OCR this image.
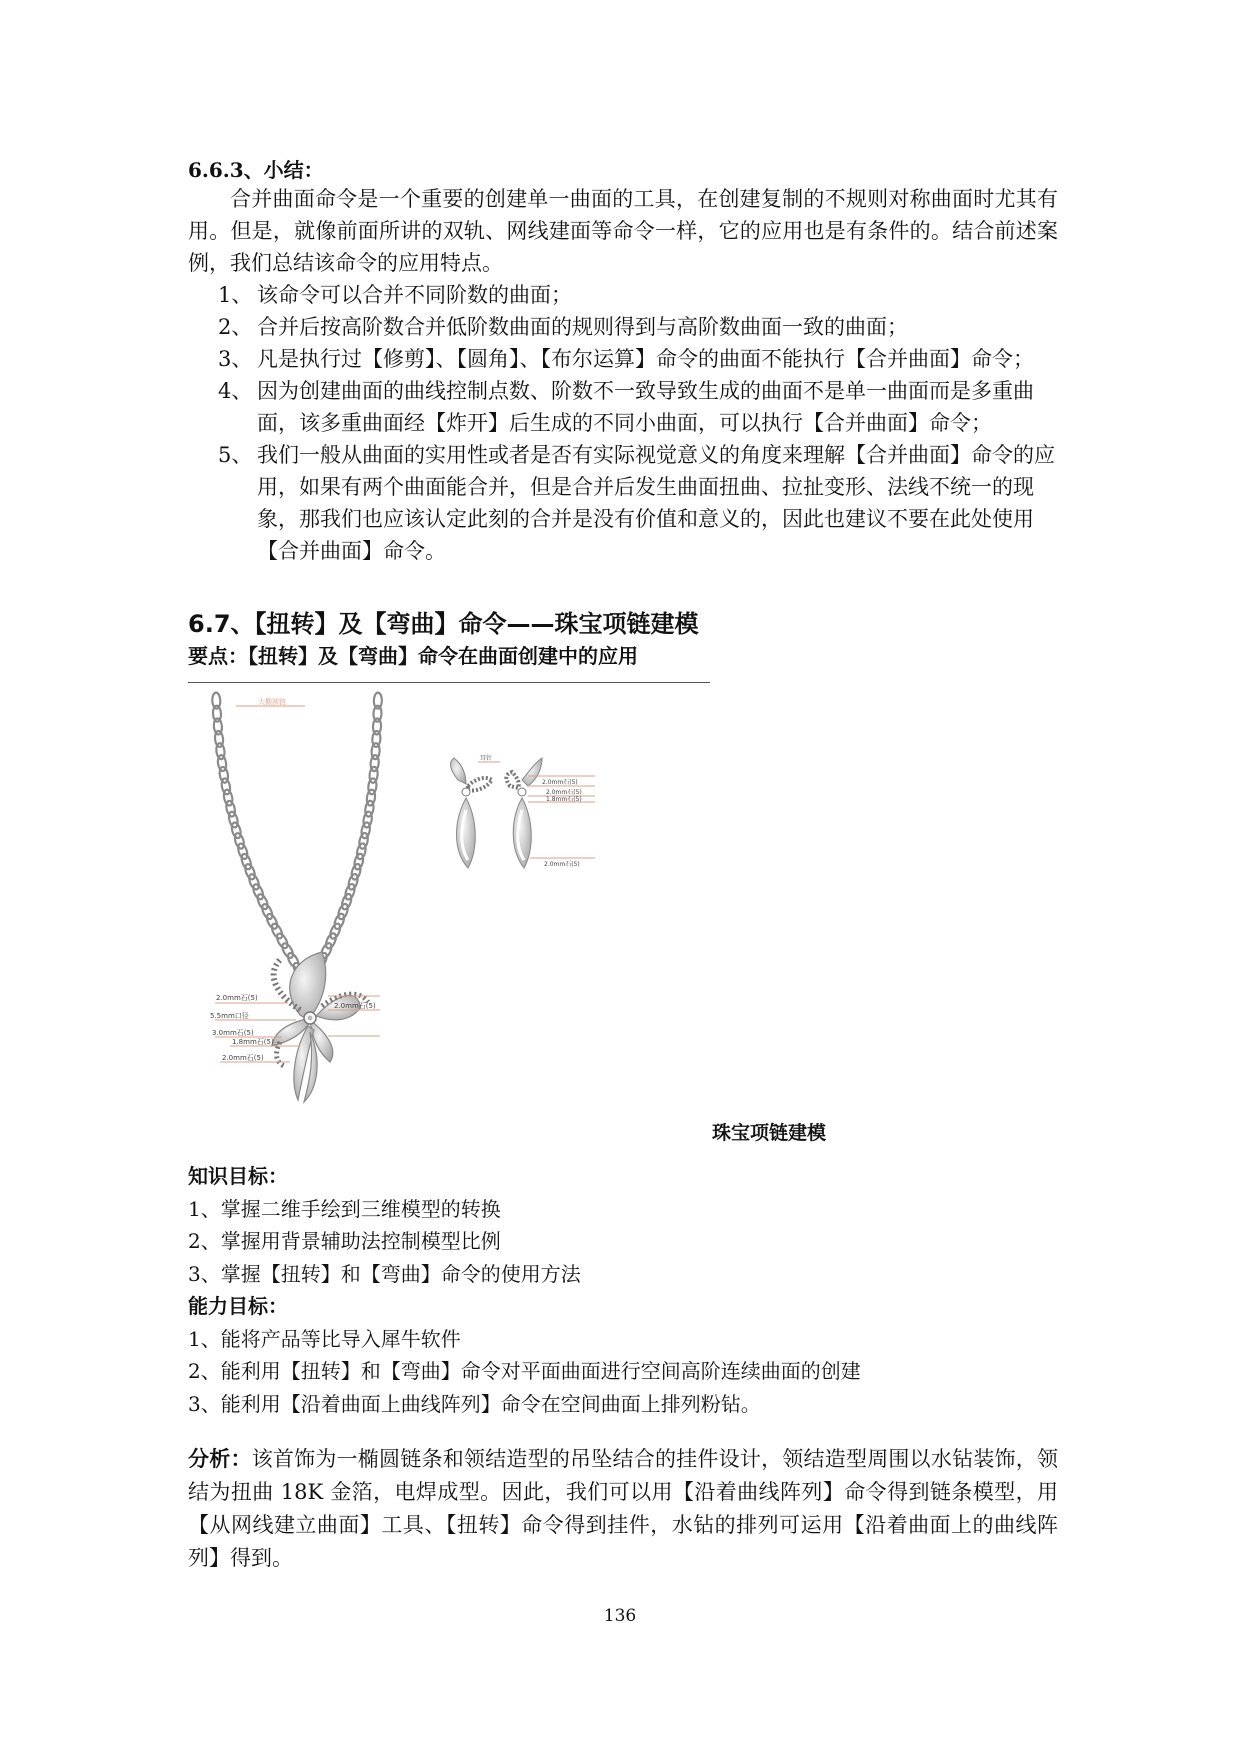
6.6.3、小结：

合并曲面命令是一个重要的创建单一曲面的工具，在创建复制的不规则对称曲面时尤其有用。但是，就像前面所讲的双轨、网线建面等命令一样，它的应用也是有条件的。结合前述案例，我们总结该命令的应用特点。

1、 该命令可以合并不同阶数的曲面；
2、 合并后按高阶数合并低阶数曲面的规则得到与高阶数曲面一致的曲面；
3、 凡是执行过【修剪】、【圆角】、【布尔运算】命令的曲面不能执行【合并曲面】命令；
4、 因为创建曲面的曲线控制点数、阶数不一致导致生成的曲面不是单一曲面而是多重曲面，该多重曲面经【炸开】后生成的不同小曲面，可以执行【合并曲面】命令；
5、 我们一般从曲面的实用性或者是否有实际视觉意义的角度来理解【合并曲面】命令的应用，如果有两个曲面能合并，但是合并后发生曲面扭曲、拉扯变形、法线不统一的现象，那我们也应该认定此刻的合并是没有价值和意义的，因此也建议不要在此处使用【合并曲面】命令。
6.7、【扭转】及【弯曲】命令——珠宝项链建模
要点：【扭转】及【弯曲】命令在曲面创建中的应用
大椭圆链
2.0mm石(5)
5.5mm口径
3.0mm石(5)
1.8mm石(5)
2.0mm石(5)
2.0mm石(5)
耳针
2.0mm石(5)
2.0mm石(5)
1.8mm石(5)
2.0mm石(5)
珠宝项链建模
知识目标：
1、掌握二维手绘到三维模型的转换
2、掌握用背景辅助法控制模型比例
3、掌握【扭转】和【弯曲】命令的使用方法
能力目标：
1、能将产品等比导入犀牛软件
2、能利用【扭转】和【弯曲】命令对平面曲面进行空间高阶连续曲面的创建
3、能利用【沿着曲面上曲线阵列】命令在空间曲面上排列粉钻。
分析：该首饰为一椭圆链条和领结造型的吊坠结合的挂件设计，领结造型周围以水钻装饰，领结为扭曲 18K 金箔，电焊成型。因此，我们可以用【沿着曲线阵列】命令得到链条模型，用【从网线建立曲面】工具、【扭转】命令得到挂件，水钻的排列可运用【沿着曲面上的曲线阵列】得到。
136
